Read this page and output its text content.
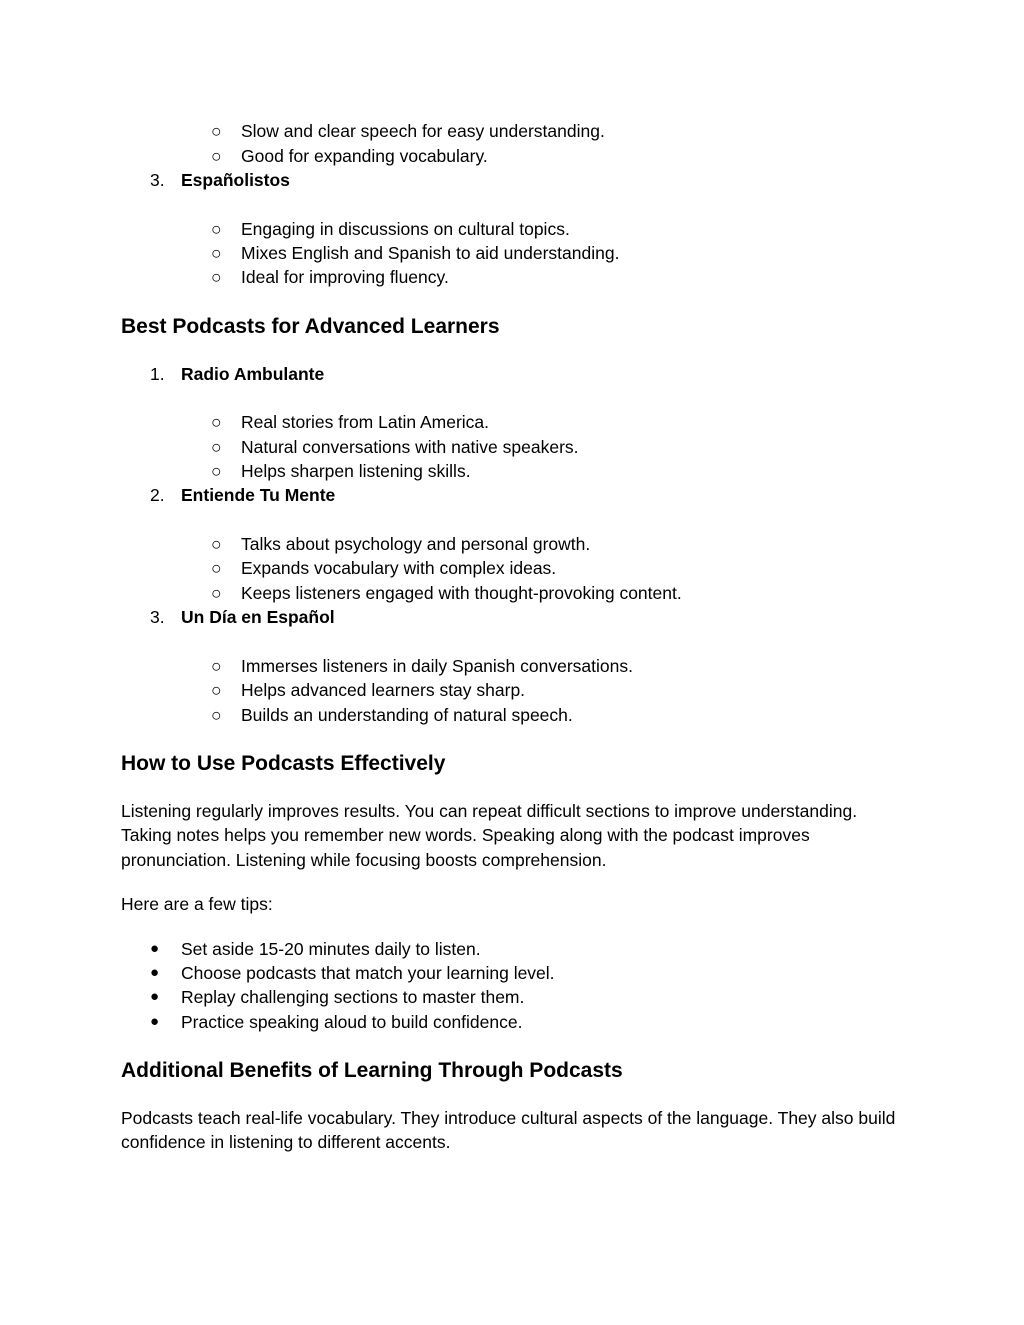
○ Slow and clear speech for easy understanding.
○ Good for expanding vocabulary.
3. Españolistos
○ Engaging in discussions on cultural topics.
○ Mixes English and Spanish to aid understanding.
○ Ideal for improving fluency.
Best Podcasts for Advanced Learners
1. Radio Ambulante
○ Real stories from Latin America.
○ Natural conversations with native speakers.
○ Helps sharpen listening skills.
2. Entiende Tu Mente
○ Talks about psychology and personal growth.
○ Expands vocabulary with complex ideas.
○ Keeps listeners engaged with thought-provoking content.
3. Un Día en Español
○ Immerses listeners in daily Spanish conversations.
○ Helps advanced learners stay sharp.
○ Builds an understanding of natural speech.
How to Use Podcasts Effectively
Listening regularly improves results. You can repeat difficult sections to improve understanding. Taking notes helps you remember new words. Speaking along with the podcast improves pronunciation. Listening while focusing boosts comprehension.
Here are a few tips:
● Set aside 15-20 minutes daily to listen.
● Choose podcasts that match your learning level.
● Replay challenging sections to master them.
● Practice speaking aloud to build confidence.
Additional Benefits of Learning Through Podcasts
Podcasts teach real-life vocabulary. They introduce cultural aspects of the language. They also build confidence in listening to different accents.
